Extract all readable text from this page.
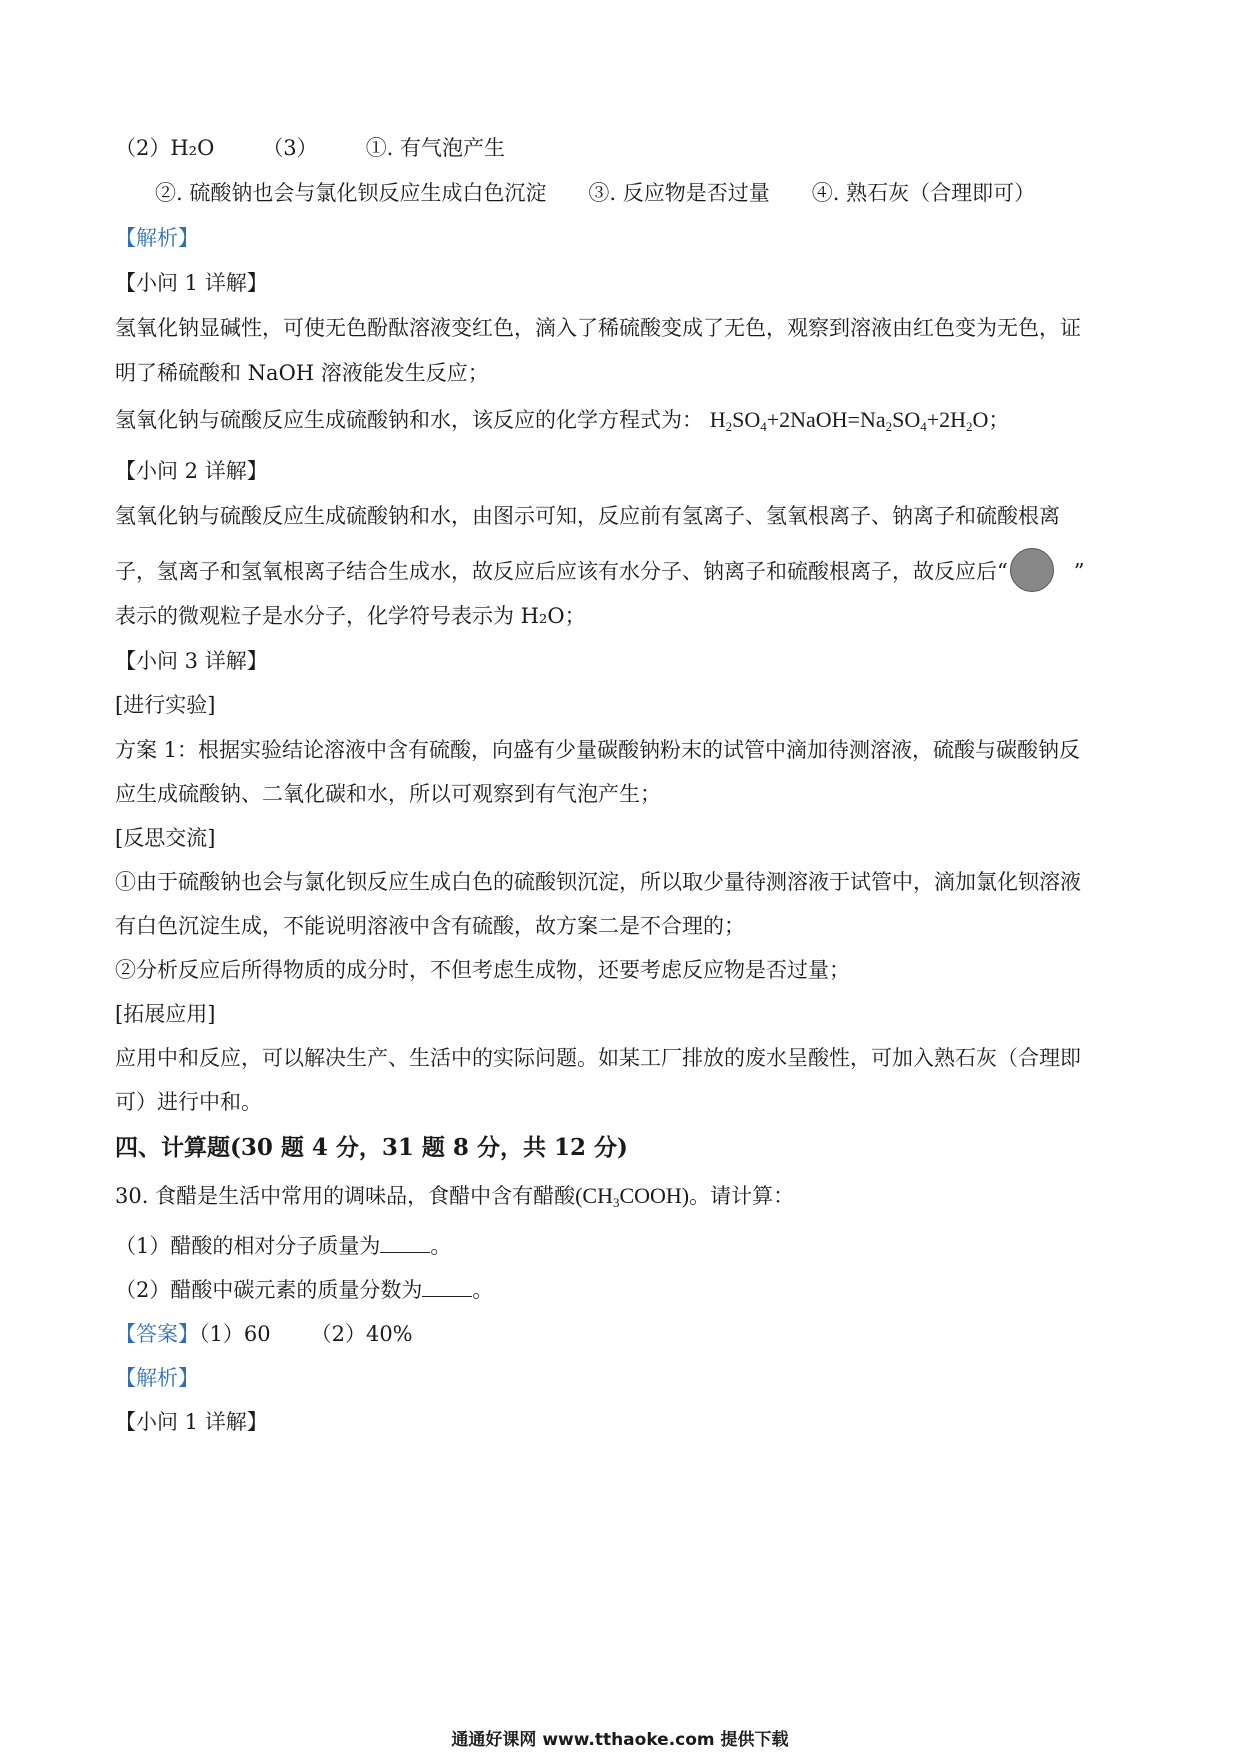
（2）H₂O （3） ①. 有气泡产生
②. 硫酸钠也会与氯化钡反应生成白色沉淀 ③. 反应物是否过量 ④. 熟石灰（合理即可）
【解析】
【小问 1 详解】
氢氧化钠显碱性，可使无色酚酞溶液变红色，滴入了稀硫酸变成了无色，观察到溶液由红色变为无色，证
明了稀硫酸和 NaOH 溶液能发生反应；
氢氧化钠与硫酸反应生成硫酸钠和水，该反应的化学方程式为： $H_2SO_4+2NaOH=Na_2SO_4+2H_2O$；
【小问 2 详解】
氢氧化钠与硫酸反应生成硫酸钠和水，由图示可知，反应前有氢离子、氢氧根离子、钠离子和硫酸根离
子，氢离子和氢氧根离子结合生成水，故反应后应该有水分子、钠离子和硫酸根离子，故反应后“	”
表示的微观粒子是水分子，化学符号表示为 H₂O；
【小问 3 详解】
[进行实验]
方案 1：根据实验结论溶液中含有硫酸，向盛有少量碳酸钠粉末的试管中滴加待测溶液，硫酸与碳酸钠反
应生成硫酸钠、二氧化碳和水，所以可观察到有气泡产生；
[反思交流]
①由于硫酸钠也会与氯化钡反应生成白色的硫酸钡沉淀，所以取少量待测溶液于试管中，滴加氯化钡溶液
有白色沉淀生成，不能说明溶液中含有硫酸，故方案二是不合理的；
②分析反应后所得物质的成分时，不但考虑生成物，还要考虑反应物是否过量；
[拓展应用]
应用中和反应，可以解决生产、生活中的实际问题。如某工厂排放的废水呈酸性，可加入熟石灰（合理即
可）进行中和。
四、计算题(30 题 4 分，31 题 8 分，共 12 分)
30. 食醋是生活中常用的调味品，食醋中含有醋酸$(CH_3COOH)$。请计算：
（1）醋酸的相对分子质量为 。
（2）醋酸中碳元素的质量分数为 。
【答案】（1）60 （2）40%
【解析】
【小问 1 详解】
通通好课网 www.tthaoke.com 提供下载
